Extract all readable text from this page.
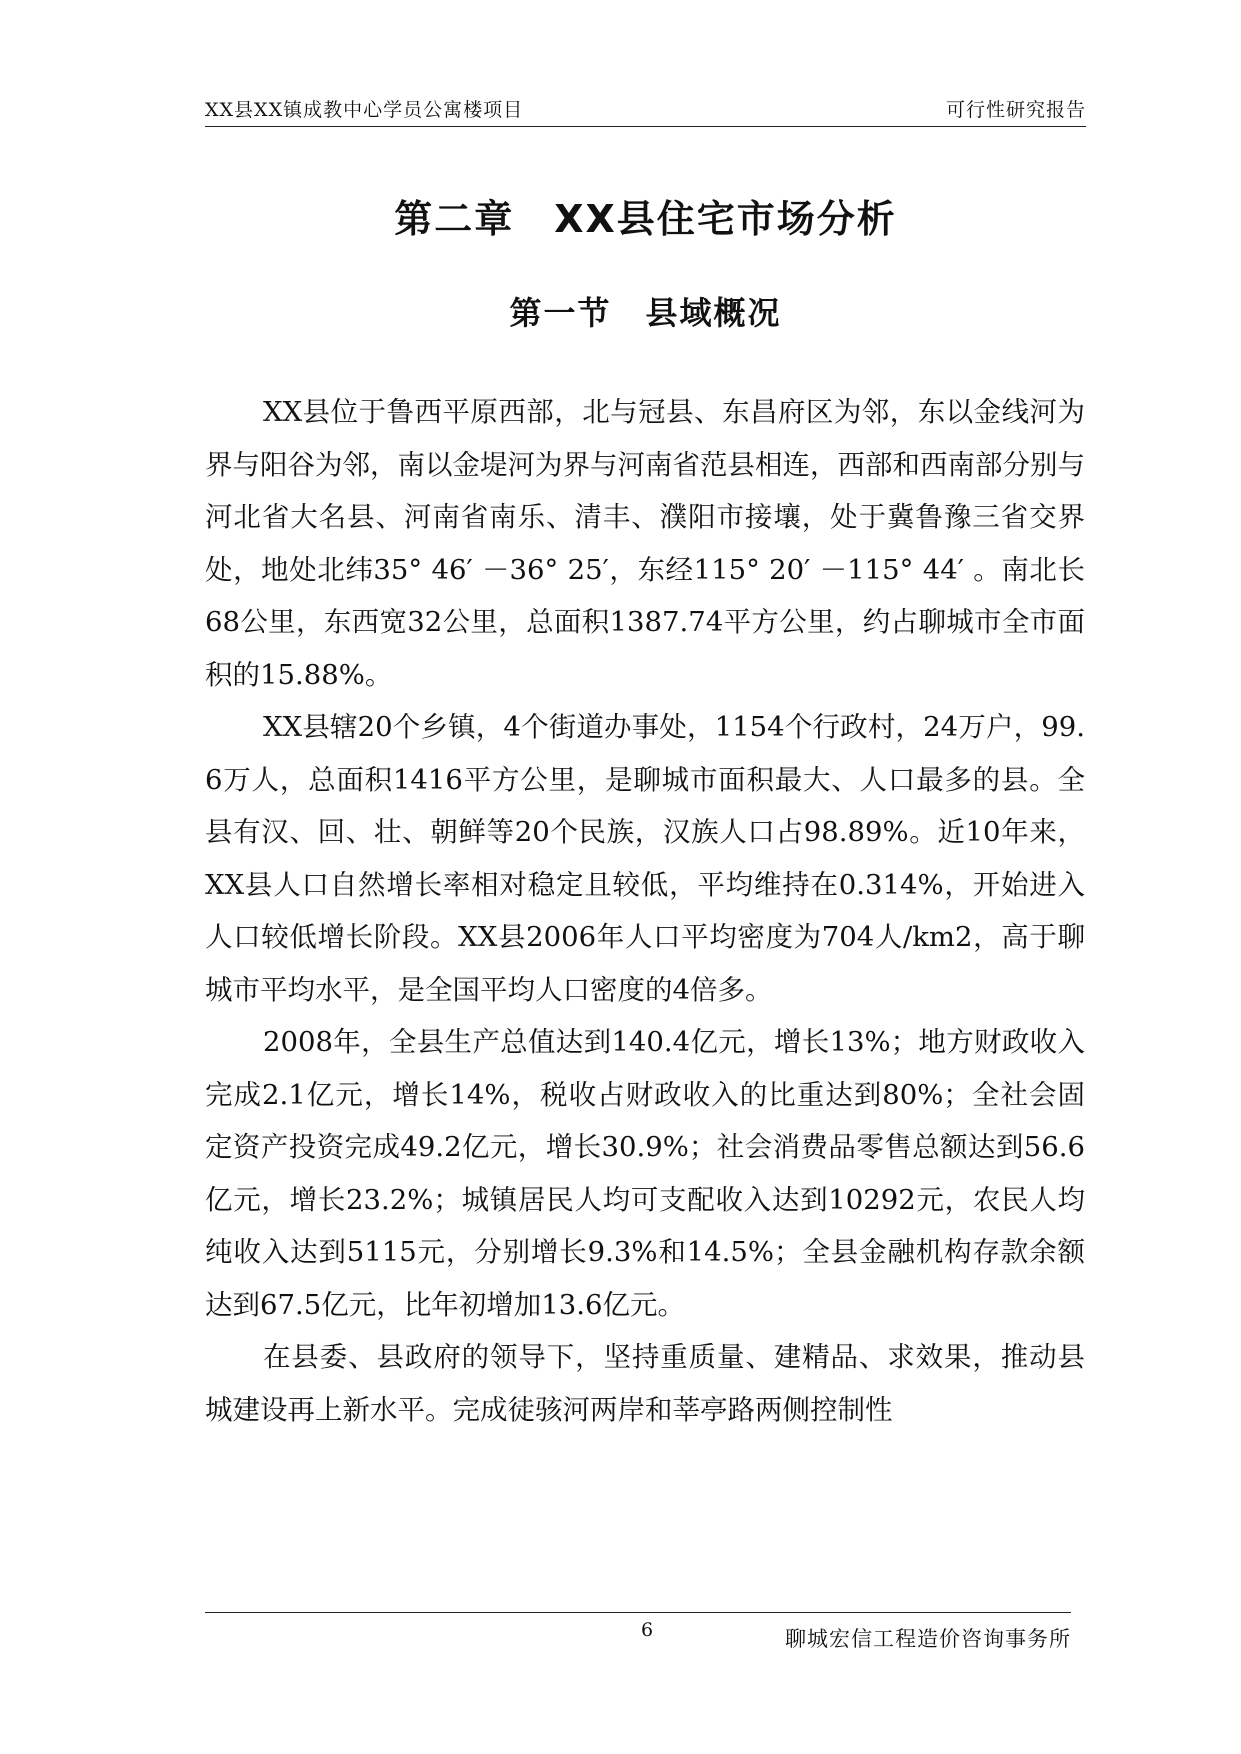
XX县XX镇成教中心学员公寓楼项目	可行性研究报告
第二章　XX县住宅市场分析
第一节　县域概况

XX县位于鲁西平原西部，北与冠县、东昌府区为邻，东以金线河为界与阳谷为邻，南以金堤河为界与河南省范县相连，西部和西南部分别与河北省大名县、河南省南乐、清丰、濮阳市接壤，处于冀鲁豫三省交界处，地处北纬35° 46′ －36° 25′，东经115° 20′ －115° 44′ 。南北长68公里，东西宽32公里，总面积1387.74平方公里，约占聊城市全市面积的15.88%。

XX县辖20个乡镇，4个街道办事处，1154个行政村，24万户，99.6万人，总面积1416平方公里，是聊城市面积最大、人口最多的县。全县有汉、回、壮、朝鲜等20个民族，汉族人口占98.89%。近10年来，XX县人口自然增长率相对稳定且较低，平均维持在0.314%，开始进入人口较低增长阶段。XX县2006年人口平均密度为704人/km2，高于聊城市平均水平，是全国平均人口密度的4倍多。

2008年，全县生产总值达到140.4亿元，增长13%；地方财政收入完成2.1亿元，增长14%，税收占财政收入的比重达到80%；全社会固定资产投资完成49.2亿元，增长30.9%；社会消费品零售总额达到56.6亿元，增长23.2%；城镇居民人均可支配收入达到10292元，农民人均纯收入达到5115元，分别增长9.3%和14.5%；全县金融机构存款余额达到67.5亿元，比年初增加13.6亿元。

在县委、县政府的领导下，坚持重质量、建精品、求效果，推动县城建设再上新水平。完成徒骇河两岸和莘亭路两侧控制性

6	聊城宏信工程造价咨询事务所
